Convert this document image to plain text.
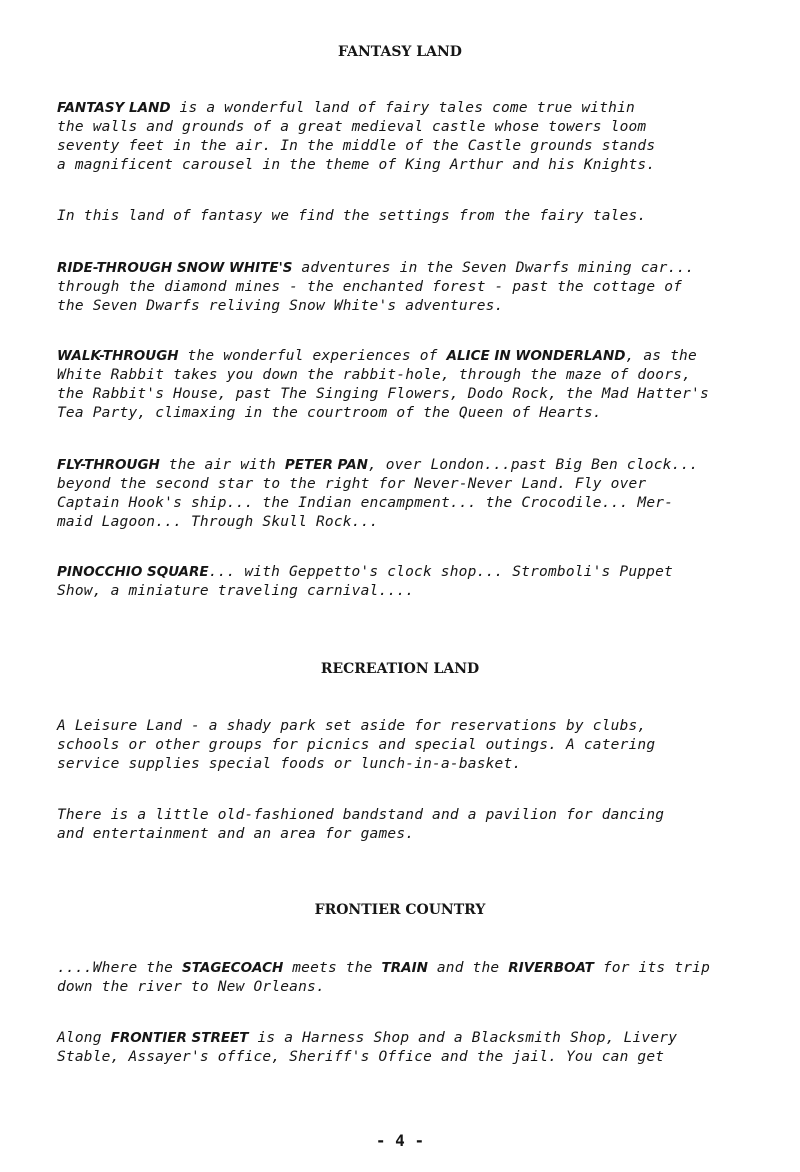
FANTASY LAND
FANTASY LAND is a wonderful land of fairy tales come true within
the walls and grounds of a great medieval castle whose towers loom
seventy feet in the air. In the middle of the Castle grounds stands
a magnificent carousel in the theme of King Arthur and his Knights.
In this land of fantasy we find the settings from the fairy tales.
RIDE-THROUGH SNOW WHITE'S adventures in the Seven Dwarfs mining car...
through the diamond mines - the enchanted forest - past the cottage of
the Seven Dwarfs reliving Snow White's adventures.
WALK-THROUGH the wonderful experiences of ALICE IN WONDERLAND, as the
White Rabbit takes you down the rabbit-hole, through the maze of doors,
the Rabbit's House, past The Singing Flowers, Dodo Rock, the Mad Hatter's
Tea Party, climaxing in the courtroom of the Queen of Hearts.
FLY-THROUGH the air with PETER PAN, over London...past Big Ben clock...
beyond the second star to the right for Never-Never Land. Fly over
Captain Hook's ship... the Indian encampment... the Crocodile... Mer-
maid Lagoon... Through Skull Rock...
PINOCCHIO SQUARE... with Geppetto's clock shop... Stromboli's Puppet
Show, a miniature traveling carnival....
RECREATION LAND
A Leisure Land - a shady park set aside for reservations by clubs,
schools or other groups for picnics and special outings. A catering
service supplies special foods or lunch-in-a-basket.
There is a little old-fashioned bandstand and a pavilion for dancing
and entertainment and an area for games.
FRONTIER COUNTRY
....Where the STAGECOACH meets the TRAIN and the RIVERBOAT for its trip
down the river to New Orleans.
Along FRONTIER STREET is a Harness Shop and a Blacksmith Shop, Livery
Stable, Assayer's office, Sheriff's Office and the jail. You can get
- 4 -
